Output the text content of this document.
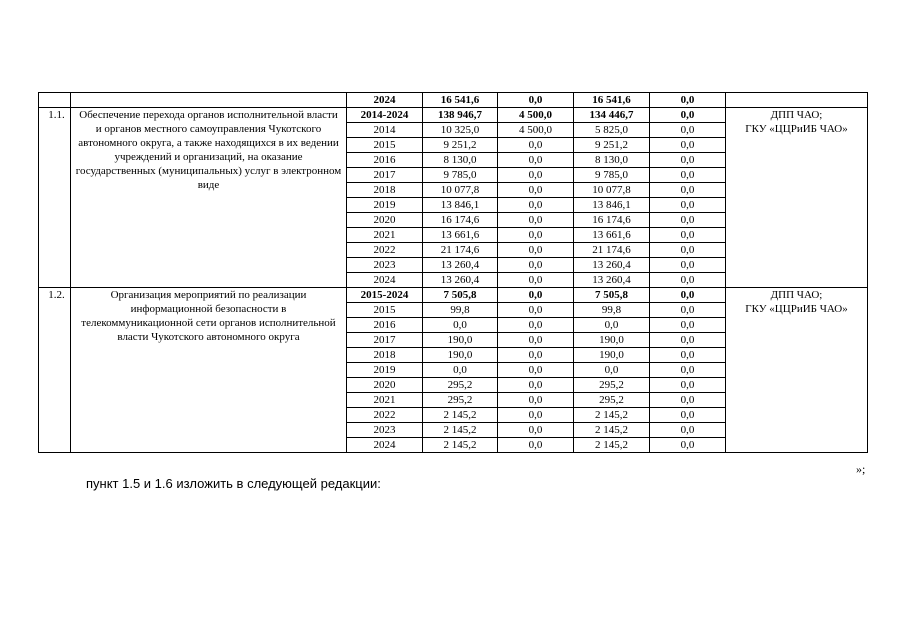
		2024	16 541,6	0,0	16 541,6	0,0	
1.1.	Обеспечение перехода органов исполнительной власти и органов местного самоуправления Чукотского автономного округа, а также находящихся в их ведении учреждений и организаций, на оказание государственных (муниципальных) услуг в электронном виде	2014-2024	138 946,7	4 500,0	134 446,7	0,0	ДПП ЧАО;
ГКУ «ЦЦРиИБ ЧАО»

		2014	10 325,0	4 500,0	5 825,0	0,0	
		2015	9 251,2	0,0	9 251,2	0,0	
		2016	8 130,0	0,0	8 130,0	0,0	
		2017	9 785,0	0,0	9 785,0	0,0	
		2018	10 077,8	0,0	10 077,8	0,0	
		2019	13 846,1	0,0	13 846,1	0,0	
		2020	16 174,6	0,0	16 174,6	0,0	
		2021	13 661,6	0,0	13 661,6	0,0	
		2022	21 174,6	0,0	21 174,6	0,0	
		2023	13 260,4	0,0	13 260,4	0,0	
		2024	13 260,4	0,0	13 260,4	0,0	
1.2.	Организация мероприятий по реализации информационной безопасности в телекоммуникационной сети органов исполнительной власти Чукотского автономного округа	2015-2024	7 505,8	0,0	7 505,8	0,0	ДПП ЧАО;
ГКУ «ЦЦРиИБ ЧАО»

		2015	99,8	0,0	99,8	0,0	
		2016	0,0	0,0	0,0	0,0	
		2017	190,0	0,0	190,0	0,0	
		2018	190,0	0,0	190,0	0,0	
		2019	0,0	0,0	0,0	0,0	
		2020	295,2	0,0	295,2	0,0	
		2021	295,2	0,0	295,2	0,0	
		2022	2 145,2	0,0	2 145,2	0,0	
		2023	2 145,2	0,0	2 145,2	0,0	
		2024	2 145,2	0,0	2 145,2	0,0	
»;
пункт 1.5 и 1.6 изложить в следующей редакции:
